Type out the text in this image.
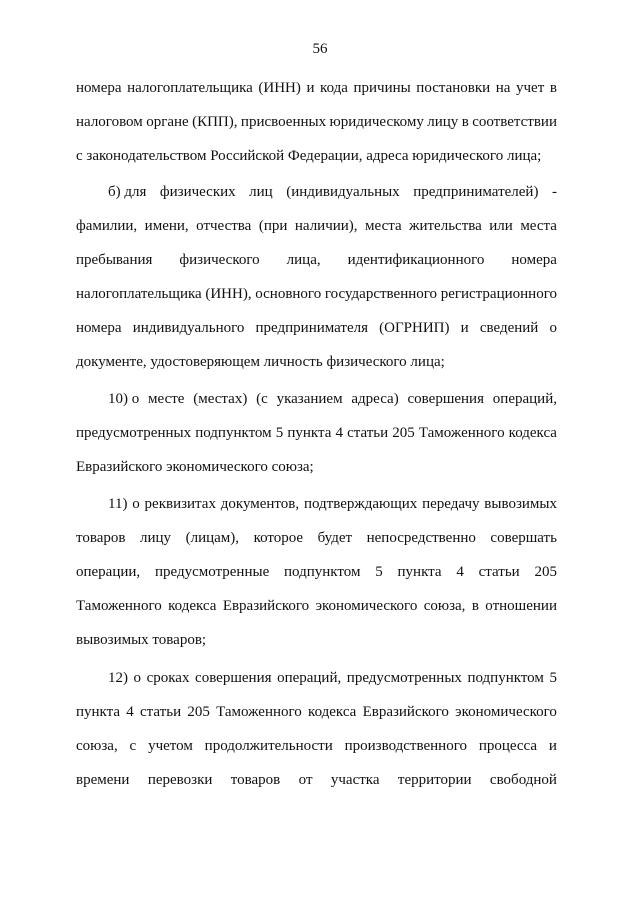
56
номера налогоплательщика (ИНН) и кода причины постановки на учет в
налоговом органе (КПП), присвоенных юридическому лицу в соответствии
с законодательством Российской Федерации, адреса юридического лица;
б) для физических лиц (индивидуальных предпринимателей) -
фамилии, имени, отчества (при наличии), места жительства или места
пребывания физического лица, идентификационного номера
налогоплательщика (ИНН), основного государственного регистрационного
номера индивидуального предпринимателя (ОГРНИП) и сведений о
документе, удостоверяющем личность физического лица;
10) о месте (местах) (с указанием адреса) совершения операций,
предусмотренных подпунктом 5 пункта 4 статьи 205 Таможенного кодекса
Евразийского экономического союза;
11) о реквизитах документов, подтверждающих передачу вывозимых
товаров лицу (лицам), которое будет непосредственно совершать
операции, предусмотренные подпунктом 5 пункта 4 статьи 205
Таможенного кодекса Евразийского экономического союза, в отношении
вывозимых товаров;
12) о сроках совершения операций, предусмотренных подпунктом 5
пункта 4 статьи 205 Таможенного кодекса Евразийского экономического
союза, с учетом продолжительности производственного процесса и
времени перевозки товаров от участка территории свободной
